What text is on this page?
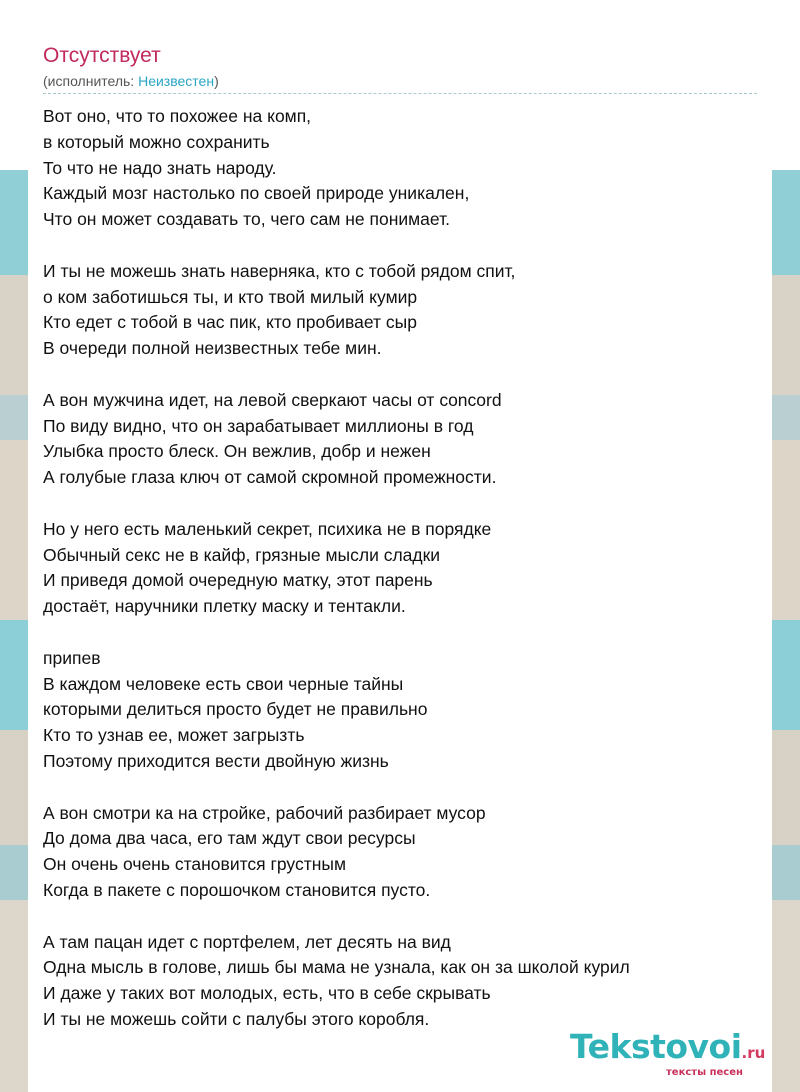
Отсутствует
(исполнитель: Неизвестен)
Вот оно, что то похожее на комп,
в который можно сохранить
То что не надо знать народу.
Каждый мозг настолько по своей природе уникален,
Что он может создавать то, чего сам не понимает.
И ты не можешь знать наверняка, кто с тобой рядом спит,
о ком заботишься ты, и кто твой милый кумир
Кто едет с тобой в час пик, кто пробивает сыр
В очереди полной неизвестных тебе мин.
А вон мужчина идет, на левой сверкают часы от concord
По виду видно, что он зарабатывает миллионы в год
Улыбка просто блеск. Он вежлив, добр и нежен
А голубые глаза ключ от самой скромной промежности.
Но у него есть маленький секрет, психика не в порядке
Обычный секс не в кайф, грязные мысли сладки
И приведя домой очередную матку, этот парень
достаёт, наручники плетку маску и тентакли.
припев
В каждом человеке есть свои черные тайны
которыми делиться просто будет не правильно
Кто то узнав ее, может загрызть
Поэтому приходится вести двойную жизнь
А вон смотри ка на стройке, рабочий разбирает мусор
До дома два часа, его там ждут свои ресурсы
Он очень очень становится грустным
Когда в пакете с порошочком становится пусто.
А там пацан идет с портфелем, лет десять на вид
Одна мысль в голове, лишь бы мама не узнала, как он за школой курил
И даже у таких вот молодых, есть, что в себе скрывать
И ты не можешь сойти с палубы этого коробля.
Tekstovoi.ru
тексты песен
